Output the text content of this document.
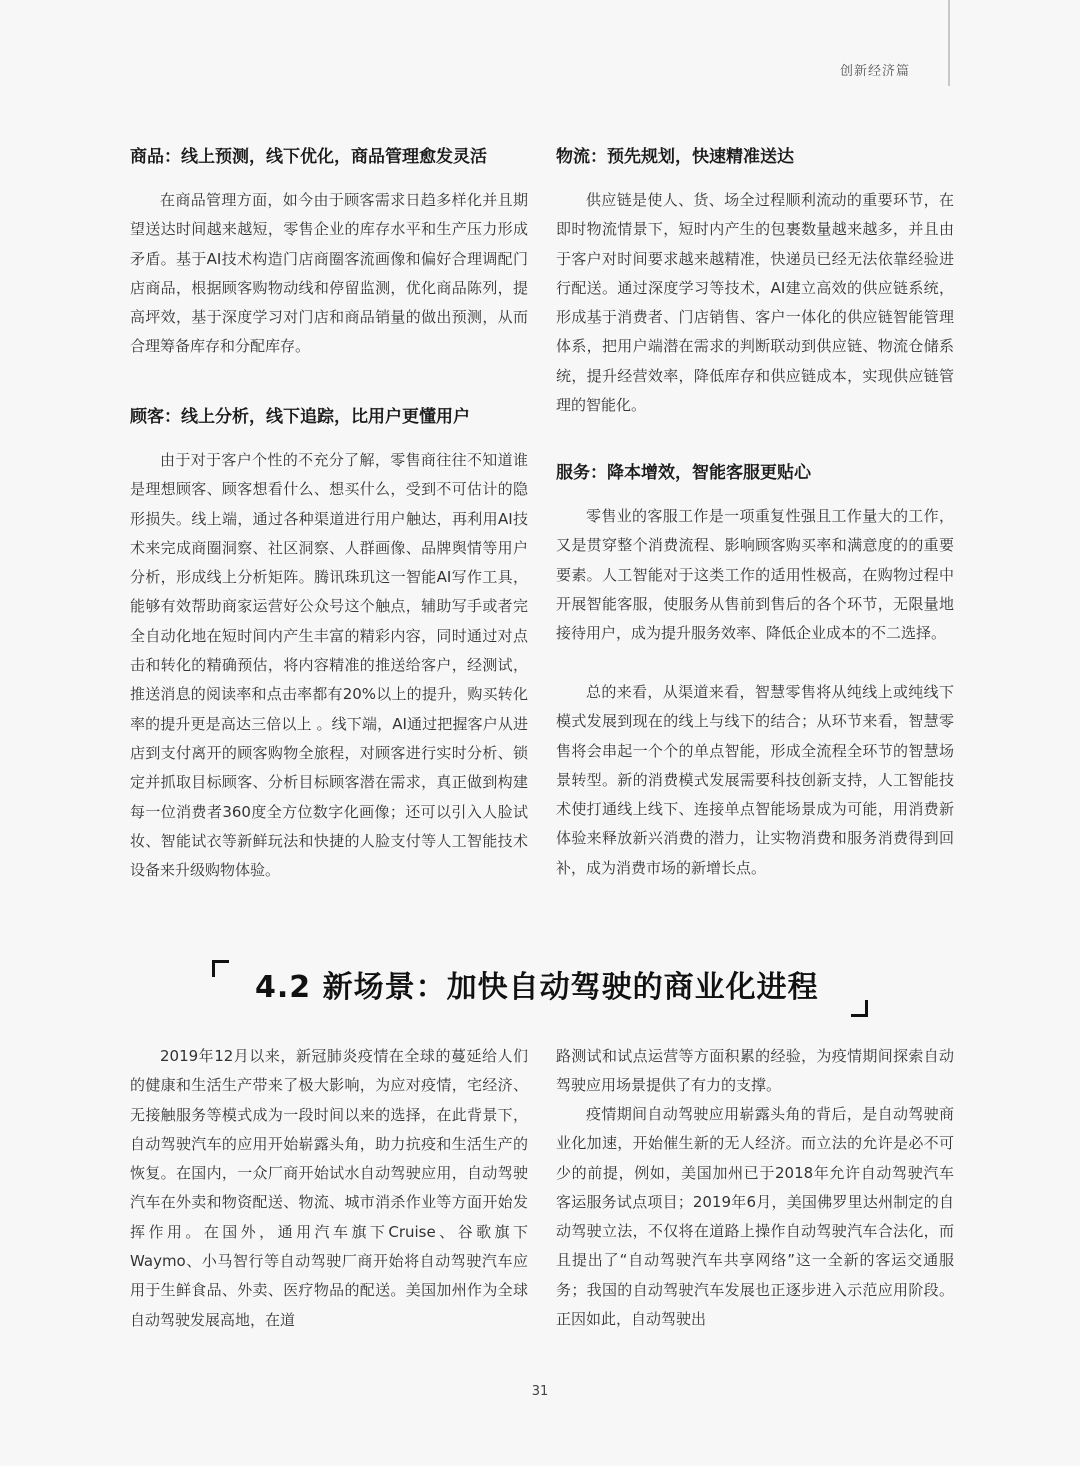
创新经济篇
商品：线上预测，线下优化，商品管理愈发灵活

在商品管理方面，如今由于顾客需求日趋多样化并且期望送达时间越来越短，零售企业的库存水平和生产压力形成矛盾。基于AI技术构造门店商圈客流画像和偏好合理调配门店商品，根据顾客购物动线和停留监测，优化商品陈列，提高坪效，基于深度学习对门店和商品销量的做出预测，从而合理筹备库存和分配库存。

顾客：线上分析，线下追踪，比用户更懂用户

由于对于客户个性的不充分了解，零售商往往不知道谁是理想顾客、顾客想看什么、想买什么，受到不可估计的隐形损失。线上端，通过各种渠道进行用户触达，再利用AI技术来完成商圈洞察、社区洞察、人群画像、品牌舆情等用户分析，形成线上分析矩阵。腾讯珠玑这一智能AI写作工具，能够有效帮助商家运营好公众号这个触点，辅助写手或者完全自动化地在短时间内产生丰富的精彩内容，同时通过对点击和转化的精确预估，将内容精准的推送给客户，经测试，推送消息的阅读率和点击率都有20%以上的提升，购买转化率的提升更是高达三倍以上 。线下端，AI通过把握客户从进店到支付离开的顾客购物全旅程，对顾客进行实时分析、锁定并抓取目标顾客、分析目标顾客潜在需求，真正做到构建每一位消费者360度全方位数字化画像；还可以引入人脸试妆、智能试衣等新鲜玩法和快捷的人脸支付等人工智能技术设备来升级购物体验。

物流：预先规划，快速精准送达

供应链是使人、货、场全过程顺利流动的重要环节，在即时物流情景下，短时内产生的包裹数量越来越多，并且由于客户对时间要求越来越精准，快递员已经无法依靠经验进行配送。通过深度学习等技术，AI建立高效的供应链系统，形成基于消费者、门店销售、客户一体化的供应链智能管理体系，把用户端潜在需求的判断联动到供应链、物流仓储系统，提升经营效率，降低库存和供应链成本，实现供应链管理的智能化。

服务：降本增效，智能客服更贴心

零售业的客服工作是一项重复性强且工作量大的工作，又是贯穿整个消费流程、影响顾客购买率和满意度的的重要要素。人工智能对于这类工作的适用性极高，在购物过程中开展智能客服，使服务从售前到售后的各个环节，无限量地接待用户，成为提升服务效率、降低企业成本的不二选择。

总的来看，从渠道来看，智慧零售将从纯线上或纯线下模式发展到现在的线上与线下的结合；从环节来看，智慧零售将会串起一个个的单点智能，形成全流程全环节的智慧场景转型。新的消费模式发展需要科技创新支持，人工智能技术使打通线上线下、连接单点智能场景成为可能，用消费新体验来释放新兴消费的潜力，让实物消费和服务消费得到回补，成为消费市场的新增长点。

4.2 新场景：加快自动驾驶的商业化进程

2019年12月以来，新冠肺炎疫情在全球的蔓延给人们的健康和生活生产带来了极大影响，为应对疫情，宅经济、无接触服务等模式成为一段时间以来的选择，在此背景下，自动驾驶汽车的应用开始崭露头角，助力抗疫和生活生产的恢复。在国内，一众厂商开始试水自动驾驶应用，自动驾驶汽车在外卖和物资配送、物流、城市消杀作业等方面开始发挥作用。在国外，通用汽车旗下Cruise、谷歌旗下Waymo、小马智行等自动驾驶厂商开始将自动驾驶汽车应用于生鲜食品、外卖、医疗物品的配送。美国加州作为全球自动驾驶发展高地，在道

路测试和试点运营等方面积累的经验，为疫情期间探索自动驾驶应用场景提供了有力的支撑。

疫情期间自动驾驶应用崭露头角的背后，是自动驾驶商业化加速，开始催生新的无人经济。而立法的允许是必不可少的前提，例如，美国加州已于2018年允许自动驾驶汽车客运服务试点项目；2019年6月，美国佛罗里达州制定的自动驾驶立法，不仅将在道路上操作自动驾驶汽车合法化，而且提出了“自动驾驶汽车共享网络”这一全新的客运交通服务；我国的自动驾驶汽车发展也正逐步进入示范应用阶段。正因如此，自动驾驶出

31
